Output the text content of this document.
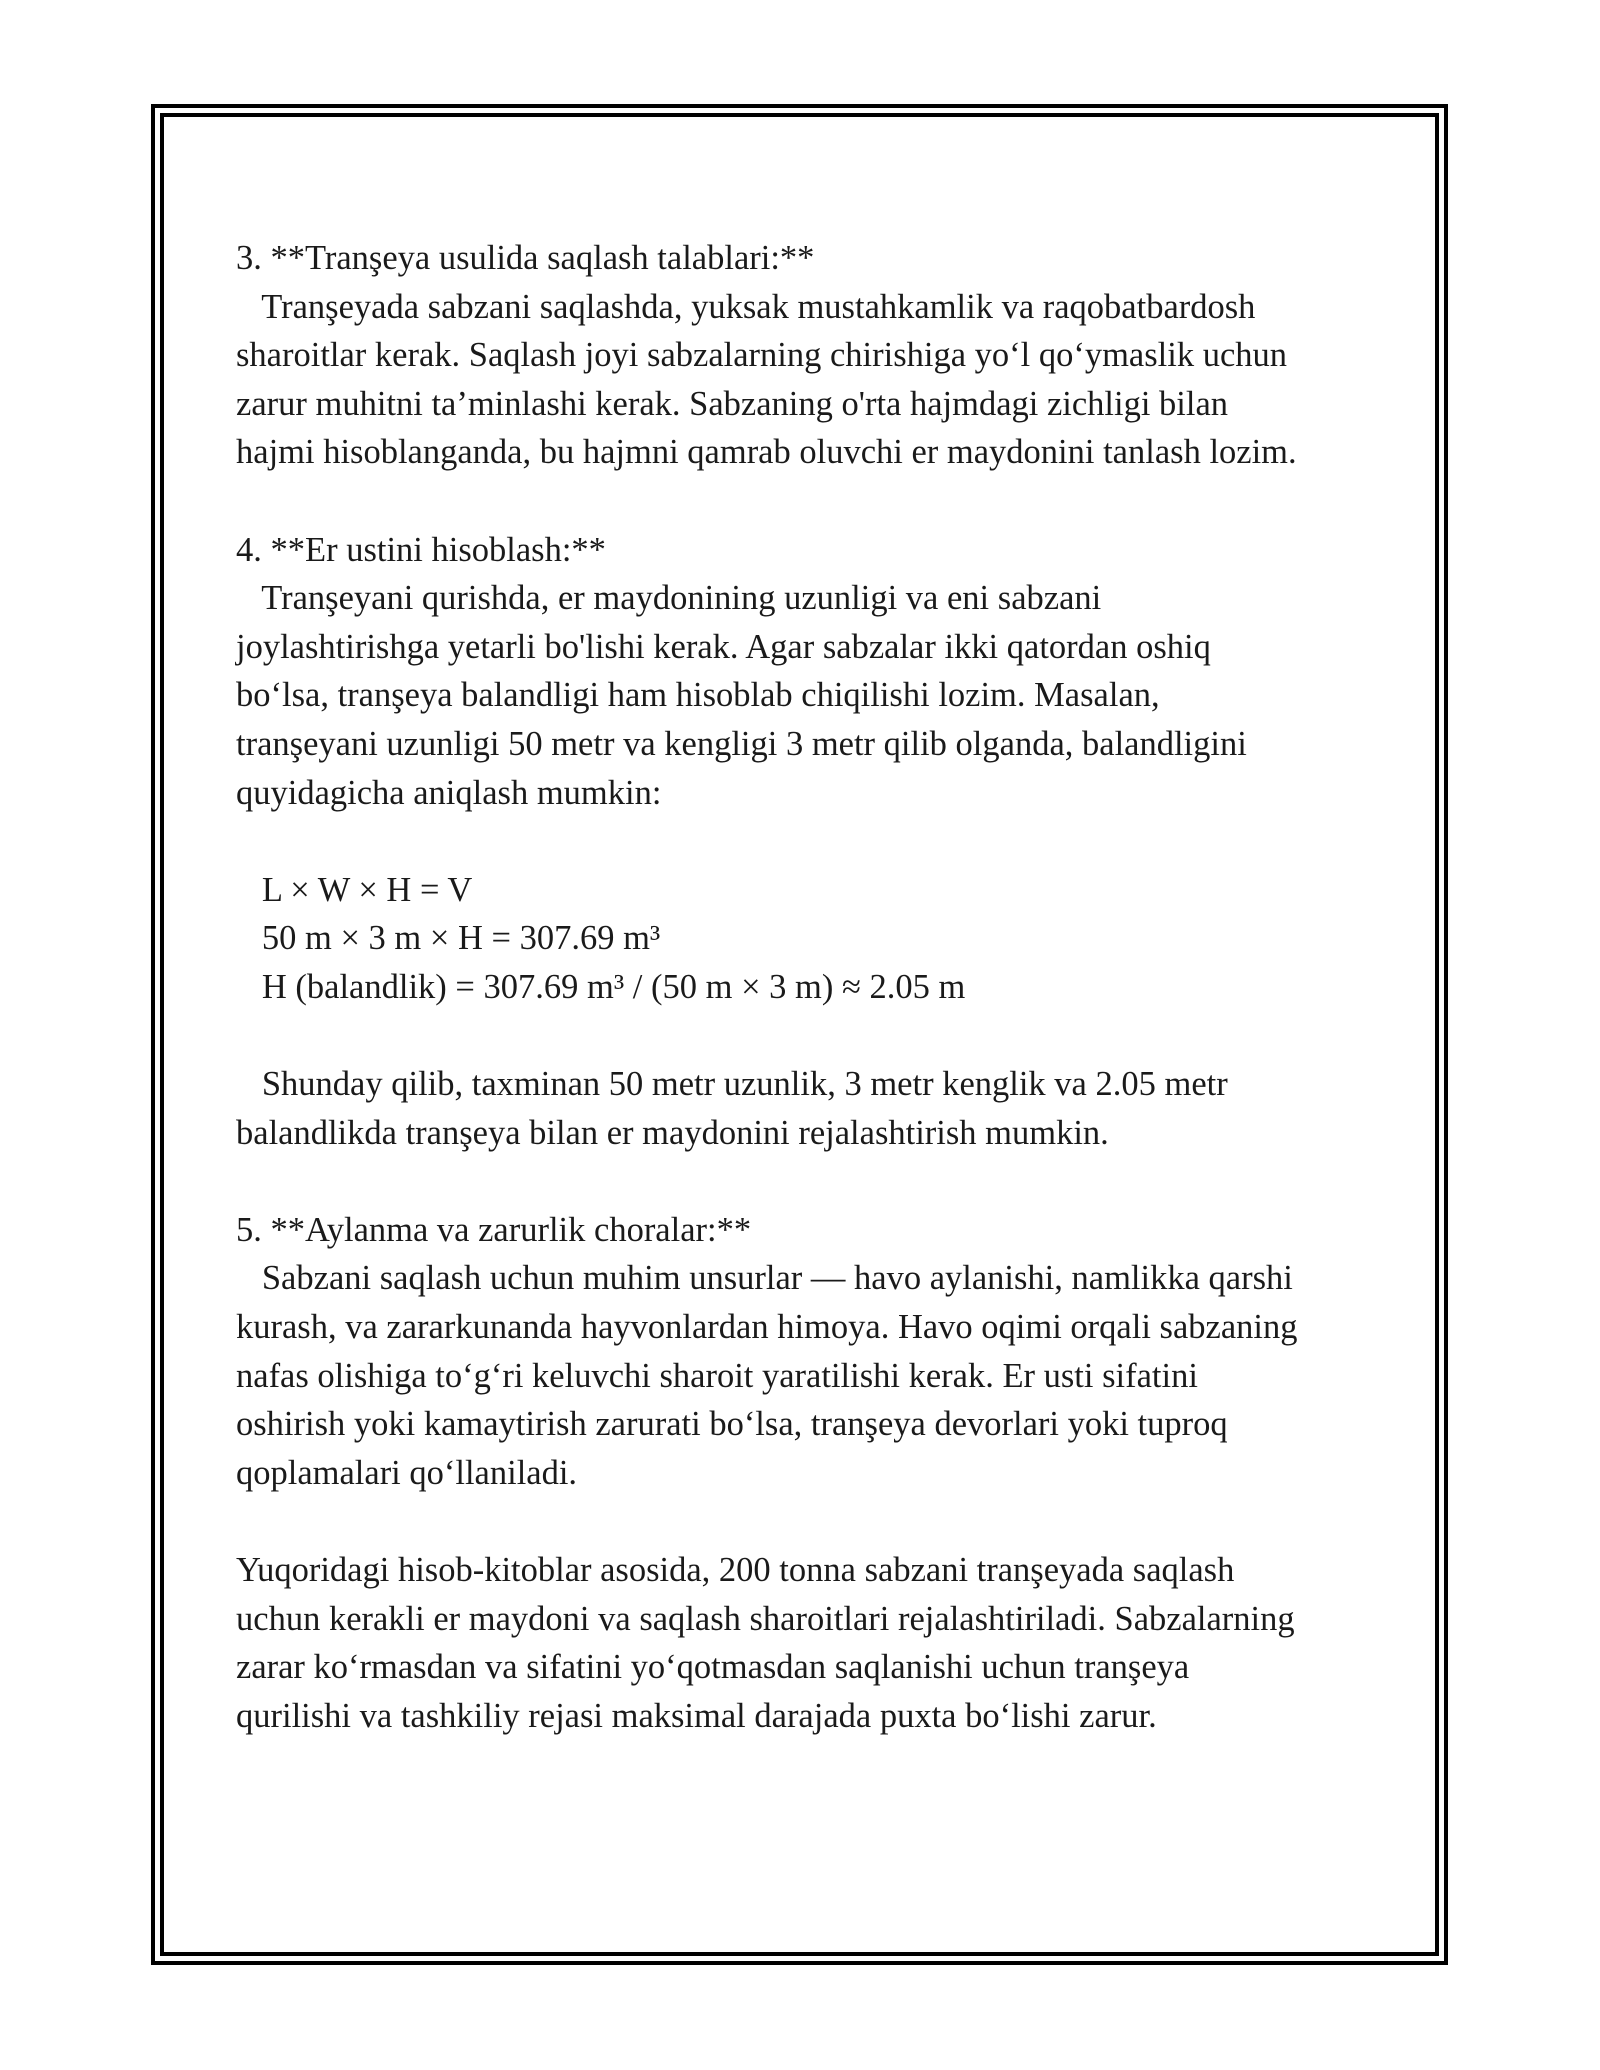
3. **Tranşeya usulida saqlash talablari:**
Tranşeyada sabzani saqlashda, yuksak mustahkamlik va raqobatbardosh
sharoitlar kerak. Saqlash joyi sabzalarning chirishiga yo‘l qo‘ymaslik uchun
zarur muhitni ta’minlashi kerak. Sabzaning o'rta hajmdagi zichligi bilan
hajmi hisoblanganda, bu hajmni qamrab oluvchi er maydonini tanlash lozim.
4. **Er ustini hisoblash:**
Tranşeyani qurishda, er maydonining uzunligi va eni sabzani
joylashtirishga yetarli bo'lishi kerak. Agar sabzalar ikki qatordan oshiq
bo‘lsa, tranşeya balandligi ham hisoblab chiqilishi lozim. Masalan,
tranşeyani uzunligi 50 metr va kengligi 3 metr qilib olganda, balandligini
quyidagicha aniqlash mumkin:
L × W × H = V
50 m × 3 m × H = 307.69 m³
H (balandlik) = 307.69 m³ / (50 m × 3 m) ≈ 2.05 m
Shunday qilib, taxminan 50 metr uzunlik, 3 metr kenglik va 2.05 metr
balandlikda tranşeya bilan er maydonini rejalashtirish mumkin.
5. **Aylanma va zarurlik choralar:**
Sabzani saqlash uchun muhim unsurlar — havo aylanishi, namlikka qarshi
kurash, va zararkunanda hayvonlardan himoya. Havo oqimi orqali sabzaning
nafas olishiga to‘g‘ri keluvchi sharoit yaratilishi kerak. Er usti sifatini
oshirish yoki kamaytirish zarurati bo‘lsa, tranşeya devorlari yoki tuproq
qoplamalari qo‘llaniladi.
Yuqoridagi hisob-kitoblar asosida, 200 tonna sabzani tranşeyada saqlash
uchun kerakli er maydoni va saqlash sharoitlari rejalashtiriladi. Sabzalarning
zarar ko‘rmasdan va sifatini yo‘qotmasdan saqlanishi uchun tranşeya
qurilishi va tashkiliy rejasi maksimal darajada puxta bo‘lishi zarur.
